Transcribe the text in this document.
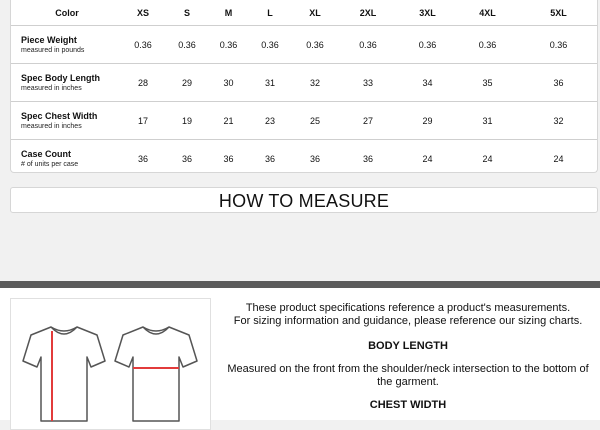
Color	XS	S	M	L	XL	2XL	3XL	4XL	5XL

Piece Weight
measured in pounds	0.36	0.36	0.36	0.36	0.36	0.36	0.36	0.36	0.36

Spec Body Length
measured in inches	28	29	30	31	32	33	34	35	36

Spec Chest Width
measured in inches	17	19	21	23	25	27	29	31	32

Case Count
# of units per case	36	36	36	36	36	36	24	24	24
HOW TO MEASURE

These product specifications reference a product's measurements.

For sizing information and guidance, please reference our sizing charts.

BODY LENGTH

Measured on the front from the shoulder/neck intersection to the bottom of

the garment.

CHEST WIDTH
